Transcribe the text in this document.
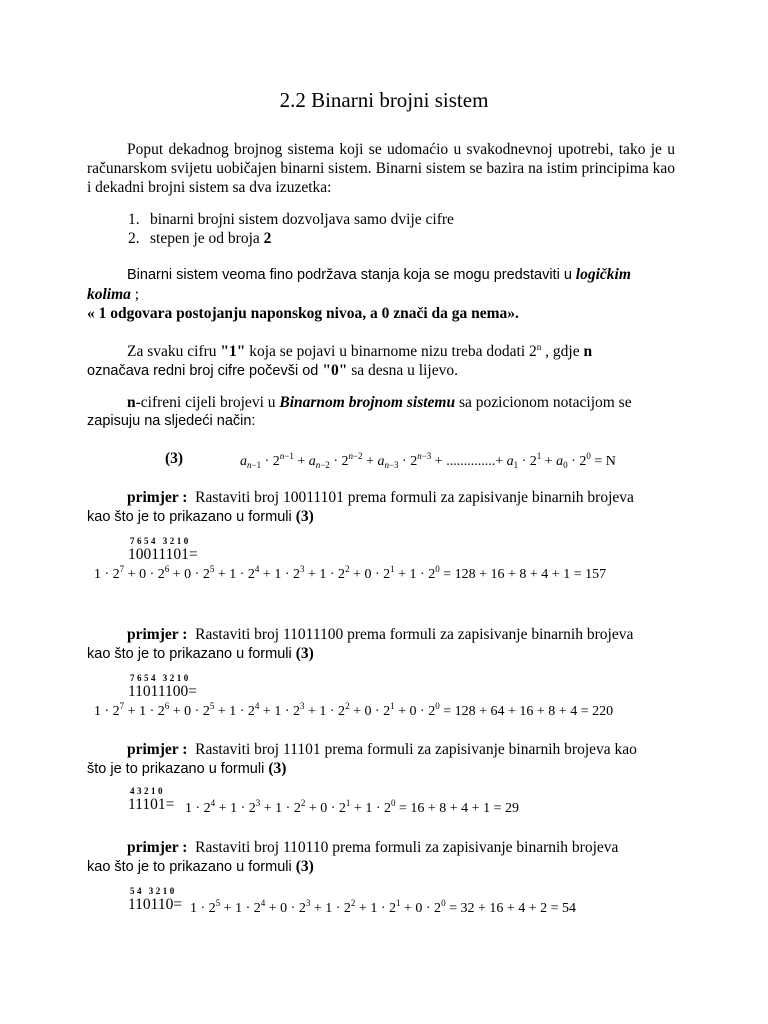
2.2 Binarni brojni sistem
Poput dekadnog brojnog sistema koji se udomaćio u svakodnevnoj upotrebi, tako je u računarskom svijetu uobičajen binarni sistem. Binarni sistem se bazira na istim principima kao i dekadni brojni sistem sa dva izuzetka:
1. binarni brojni sistem dozvoljava samo dvije cifre
2. stepen je od broja 2
Binarni sistem veoma fino podržava stanja koja se mogu predstaviti u logičkim
kolima ;
« 1 odgovara postojanju naponskog nivoa, a 0 znači da ga nema».
Za svaku cifru "1" koja se pojavi u binarnome nizu treba dodati 2$^n$ , gdje n
označava redni broj cifre počevši od "0" sa desna u lijevo.
n-cifreni cijeli brojevi u Binarnom brojnom sistemu sa pozicionom notacijom se
zapisuju na sljedeći način:
(3)	$a_{n-1} \cdot 2^{n-1} + a_{n-2} \cdot 2^{n-2} + a_{n-3} \cdot 2^{n-3}$ + ..............+ $a_1 \cdot 2^1 + a_0 \cdot 2^0 = N$
primjer : Rastaviti broj 10011101 prema formuli za zapisivanje binarnih brojeva
kao što je to prikazano u formuli (3)
7654 3210
10011101=
$1 \cdot 2^7 + 0 \cdot 2^6 + 0 \cdot 2^5 + 1 \cdot 2^4 + 1 \cdot 2^3 + 1 \cdot 2^2 + 0 \cdot 2^1 + 1 \cdot 2^0 = 128 + 16 + 8 + 4 + 1 = 157$
primjer : Rastaviti broj 11011100 prema formuli za zapisivanje binarnih brojeva
kao što je to prikazano u formuli (3)
7654 3210
11011100=
$1 \cdot 2^7 + 1 \cdot 2^6 + 0 \cdot 2^5 + 1 \cdot 2^4 + 1 \cdot 2^3 + 1 \cdot 2^2 + 0 \cdot 2^1 + 0 \cdot 2^0 = 128 + 64 + 16 + 8 + 4 = 220$
primjer : Rastaviti broj 11101 prema formuli za zapisivanje binarnih brojeva kao
što je to prikazano u formuli (3)
43210
$11101= 1 \cdot 2^4 + 1 \cdot 2^3 + 1 \cdot 2^2 + 0 \cdot 2^1 + 1 \cdot 2^0 = 16 + 8 + 4 + 1 = 29$
primjer : Rastaviti broj 110110 prema formuli za zapisivanje binarnih brojeva
kao što je to prikazano u formuli (3)
54 3210
$110110= 1 \cdot 2^5 + 1 \cdot 2^4 + 0 \cdot 2^3 + 1 \cdot 2^2 + 1 \cdot 2^1 + 0 \cdot 2^0 = 32 + 16 + 4 + 2 = 54$
